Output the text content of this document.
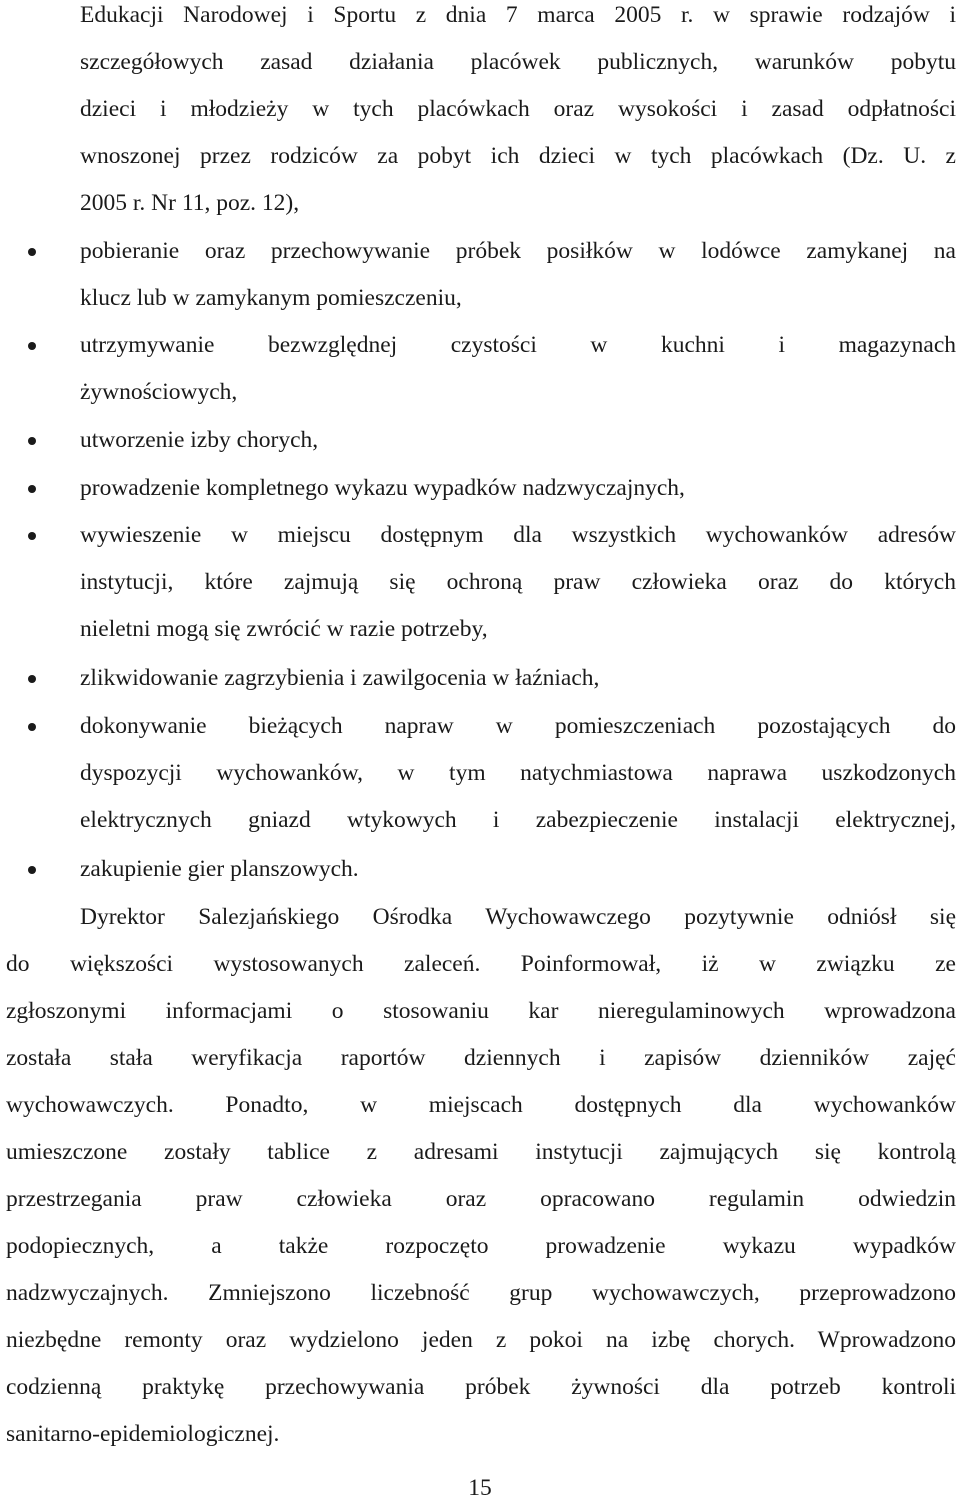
Edukacji Narodowej i Sportu z dnia 7 marca 2005 r. w sprawie rodzajów i
szczegółowych zasad działania placówek publicznych, warunków pobytu
dzieci i młodzieży w tych placówkach oraz wysokości i zasad odpłatności
wnoszonej przez rodziców za pobyt ich dzieci w tych placówkach (Dz. U. z
2005 r. Nr 11, poz. 12),
pobieranie oraz przechowywanie próbek posiłków w lodówce zamykanej na
klucz lub w zamykanym pomieszczeniu,
utrzymywanie bezwzględnej czystości w kuchni i magazynach
żywnościowych,
utworzenie izby chorych,
prowadzenie kompletnego wykazu wypadków nadzwyczajnych,
wywieszenie w miejscu dostępnym dla wszystkich wychowanków adresów
instytucji, które zajmują się ochroną praw człowieka oraz do których
nieletni mogą się zwrócić w razie potrzeby,
zlikwidowanie zagrzybienia i zawilgocenia w łaźniach,
dokonywanie bieżących napraw w pomieszczeniach pozostających do
dyspozycji wychowanków, w tym natychmiastowa naprawa uszkodzonych
elektrycznych gniazd wtykowych i zabezpieczenie instalacji elektrycznej,
zakupienie gier planszowych.
Dyrektor Salezjańskiego Ośrodka Wychowawczego pozytywnie odniósł się
do większości wystosowanych zaleceń. Poinformował, iż w związku ze
zgłoszonymi informacjami o stosowaniu kar nieregulaminowych wprowadzona
została stała weryfikacja raportów dziennych i zapisów dzienników zajęć
wychowawczych. Ponadto, w miejscach dostępnych dla wychowanków
umieszczone zostały tablice z adresami instytucji zajmujących się kontrolą
przestrzegania praw człowieka oraz opracowano regulamin odwiedzin
podopiecznych, a także rozpoczęto prowadzenie wykazu wypadków
nadzwyczajnych. Zmniejszono liczebność grup wychowawczych, przeprowadzono
niezbędne remonty oraz wydzielono jeden z pokoi na izbę chorych. Wprowadzono
codzienną praktykę przechowywania próbek żywności dla potrzeb kontroli
sanitarno-epidemiologicznej.
15
